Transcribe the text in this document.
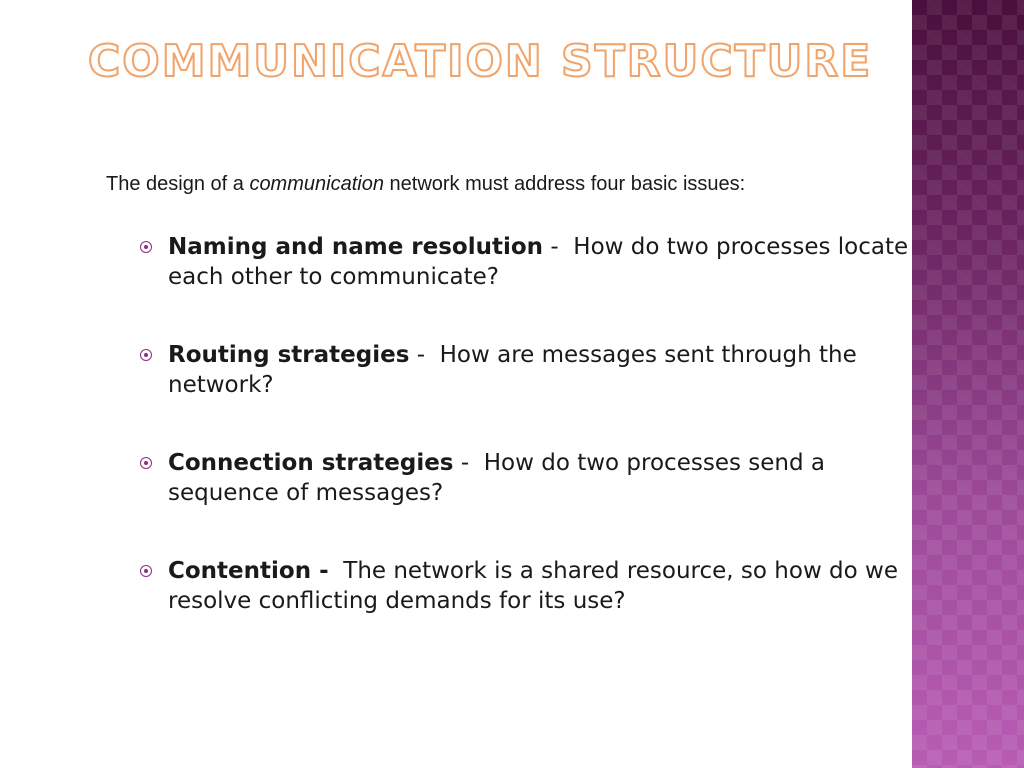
COMMUNICATION STRUCTURE

The design of a communication network must address four basic issues:

Naming and name resolution -  How do two processes locate each other to communicate?
Routing strategies -  How are messages sent through the network?
Connection strategies -  How do two processes send a sequence of messages?
Contention - The network is a shared resource, so how do we resolve conflicting demands for its use?
